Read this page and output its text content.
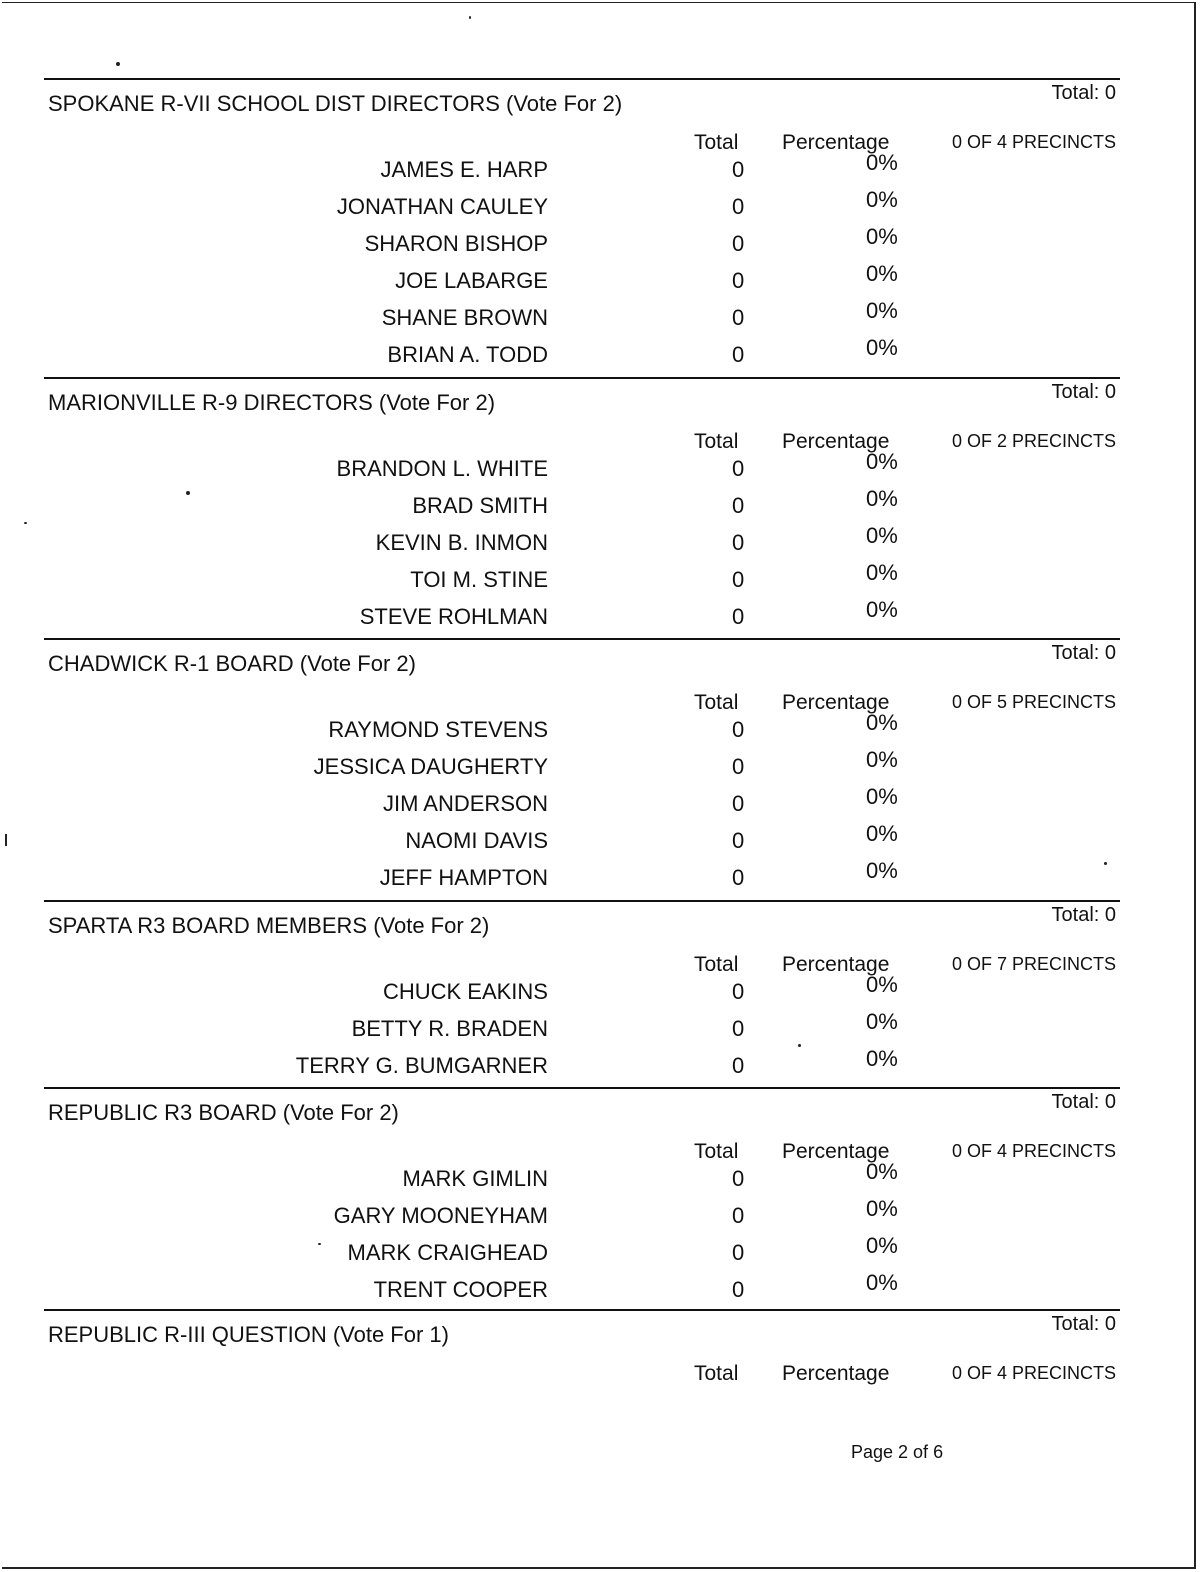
Total: 0
SPOKANE R-VII SCHOOL DIST DIRECTORS (Vote For 2)
Total Percentage	0 OF 4 PRECINCTS
JAMES E. HARP	0	0%
JONATHAN CAULEY	0	0%
SHARON BISHOP	0	0%
JOE LABARGE	0	0%
SHANE BROWN	0	0%
BRIAN A. TODD	0	0%
Total: 0
MARIONVILLE R-9 DIRECTORS (Vote For 2)
Total Percentage	0 OF 2 PRECINCTS
BRANDON L. WHITE	0	0%
BRAD SMITH	0	0%
KEVIN B. INMON	0	0%
TOI M. STINE	0	0%
STEVE ROHLMAN	0	0%
Total: 0
CHADWICK R-1 BOARD (Vote For 2)
Total Percentage	0 OF 5 PRECINCTS
RAYMOND STEVENS	0	0%
JESSICA DAUGHERTY	0	0%
JIM ANDERSON	0	0%
NAOMI DAVIS	0	0%
JEFF HAMPTON	0	0%
Total: 0
SPARTA R3 BOARD MEMBERS (Vote For 2)
Total Percentage	0 OF 7 PRECINCTS
CHUCK EAKINS	0	0%
BETTY R. BRADEN	0	0%
TERRY G. BUMGARNER	0	0%
Total: 0
REPUBLIC R3 BOARD (Vote For 2)
Total Percentage	0 OF 4 PRECINCTS
MARK GIMLIN	0	0%
GARY MOONEYHAM	0	0%
MARK CRAIGHEAD	0	0%
TRENT COOPER	0	0%
Total: 0
REPUBLIC R-III QUESTION (Vote For 1)
Total Percentage	0 OF 4 PRECINCTS
Page 2 of 6
